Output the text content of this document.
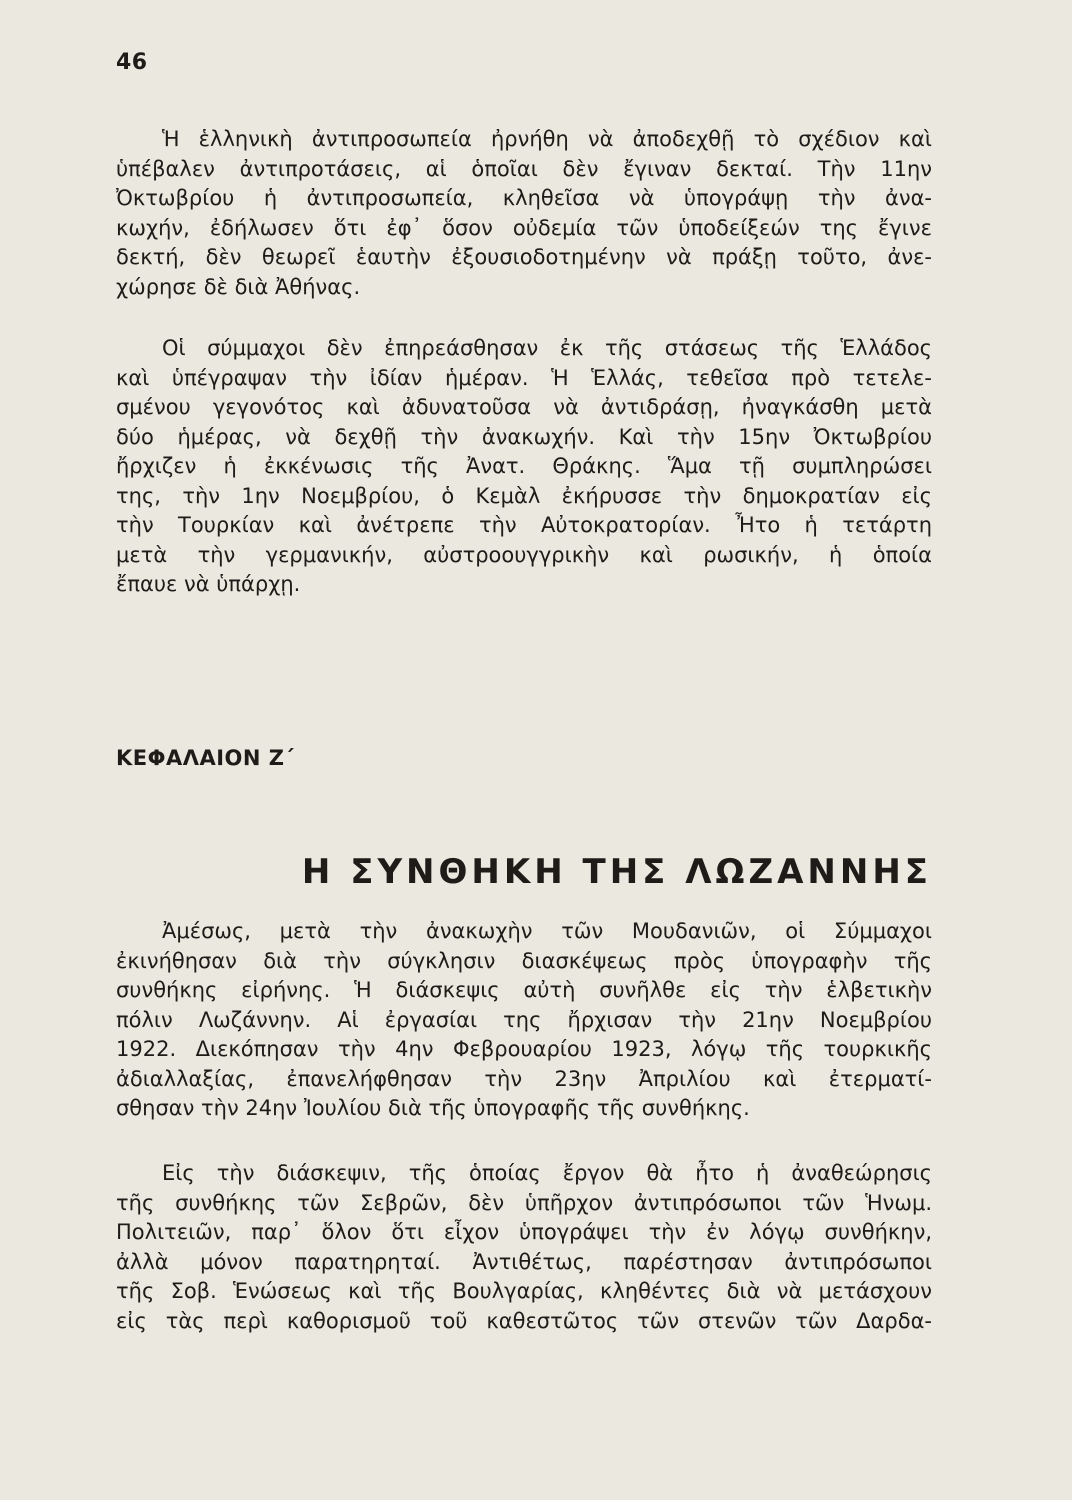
46
Ἡ ἑλληνικὴ ἀντιπροσωπεία ἠρνήθη νὰ ἀποδεχθῇ τὸ σχέδιον καὶ
ὑπέβαλεν ἀντιπροτάσεις, αἱ ὁποῖαι δὲν ἔγιναν δεκταί. Τὴν 11ην
Ὀκτωβρίου ἡ ἀντιπροσωπεία, κληθεῖσα νὰ ὑπογράψῃ τὴν ἀνα-
κωχήν, ἐδήλωσεν ὅτι ἐφ᾽ ὅσον οὐδεμία τῶν ὑποδείξεών της ἔγινε
δεκτή, δὲν θεωρεῖ ἑαυτὴν ἐξουσιοδοτημένην νὰ πράξῃ τοῦτο, ἀνε-
χώρησε δὲ διὰ Ἀθήνας.
Οἱ σύμμαχοι δὲν ἐπηρεάσθησαν ἐκ τῆς στάσεως τῆς Ἑλλάδος
καὶ ὑπέγραψαν τὴν ἰδίαν ἡμέραν. Ἡ Ἑλλάς, τεθεῖσα πρὸ τετελε-
σμένου γεγονότος καὶ ἀδυνατοῦσα νὰ ἀντιδράσῃ, ἠναγκάσθη μετὰ
δύο ἡμέρας, νὰ δεχθῇ τὴν ἀνακωχήν. Καὶ τὴν 15ην Ὀκτωβρίου
ἤρχιζεν ἡ ἐκκένωσις τῆς Ἀνατ. Θράκης. Ἅμα τῇ συμπληρώσει
της, τὴν 1ην Νοεμβρίου, ὁ Κεμὰλ ἐκήρυσσε τὴν δημοκρατίαν εἰς
τὴν Τουρκίαν καὶ ἀνέτρεπε τὴν Αὐτοκρατορίαν. Ἦτο ἡ τετάρτη
μετὰ τὴν γερμανικήν, αὐστροουγγρικὴν καὶ ρωσικήν, ἡ ὁποία
ἔπαυε νὰ ὑπάρχῃ.
ΚΕΦΑΛΑΙΟΝ Ζ΄
Η ΣΥΝΘΗΚΗ ΤΗΣ ΛΩΖΑΝΝΗΣ
Ἀμέσως, μετὰ τὴν ἀνακωχὴν τῶν Μουδανιῶν, οἱ Σύμμαχοι
ἐκινήθησαν διὰ τὴν σύγκλησιν διασκέψεως πρὸς ὑπογραφὴν τῆς
συνθήκης εἰρήνης. Ἡ διάσκεψις αὐτὴ συνῆλθε εἰς τὴν ἑλβετικὴν
πόλιν Λωζάννην. Αἱ ἐργασίαι της ἤρχισαν τὴν 21ην Νοεμβρίου
1922. Διεκόπησαν τὴν 4ην Φεβρουαρίου 1923, λόγῳ τῆς τουρκικῆς
ἀδιαλλαξίας, ἐπανελήφθησαν τὴν 23ην Ἀπριλίου καὶ ἐτερματί-
σθησαν τὴν 24ην Ἰουλίου διὰ τῆς ὑπογραφῆς τῆς συνθήκης.
Εἰς τὴν διάσκεψιν, τῆς ὁποίας ἔργον θὰ ἦτο ἡ ἀναθεώρησις
τῆς συνθήκης τῶν Σεβρῶν, δὲν ὑπῆρχον ἀντιπρόσωποι τῶν Ἡνωμ.
Πολιτειῶν, παρ᾽ ὅλον ὅτι εἶχον ὑπογράψει τὴν ἐν λόγῳ συνθήκην,
ἀλλὰ μόνον παρατηρηταί. Ἀντιθέτως, παρέστησαν ἀντιπρόσωποι
τῆς Σοβ. Ἑνώσεως καὶ τῆς Βουλγαρίας, κληθέντες διὰ νὰ μετάσχουν
εἰς τὰς περὶ καθορισμοῦ τοῦ καθεστῶτος τῶν στενῶν τῶν Δαρδα-
